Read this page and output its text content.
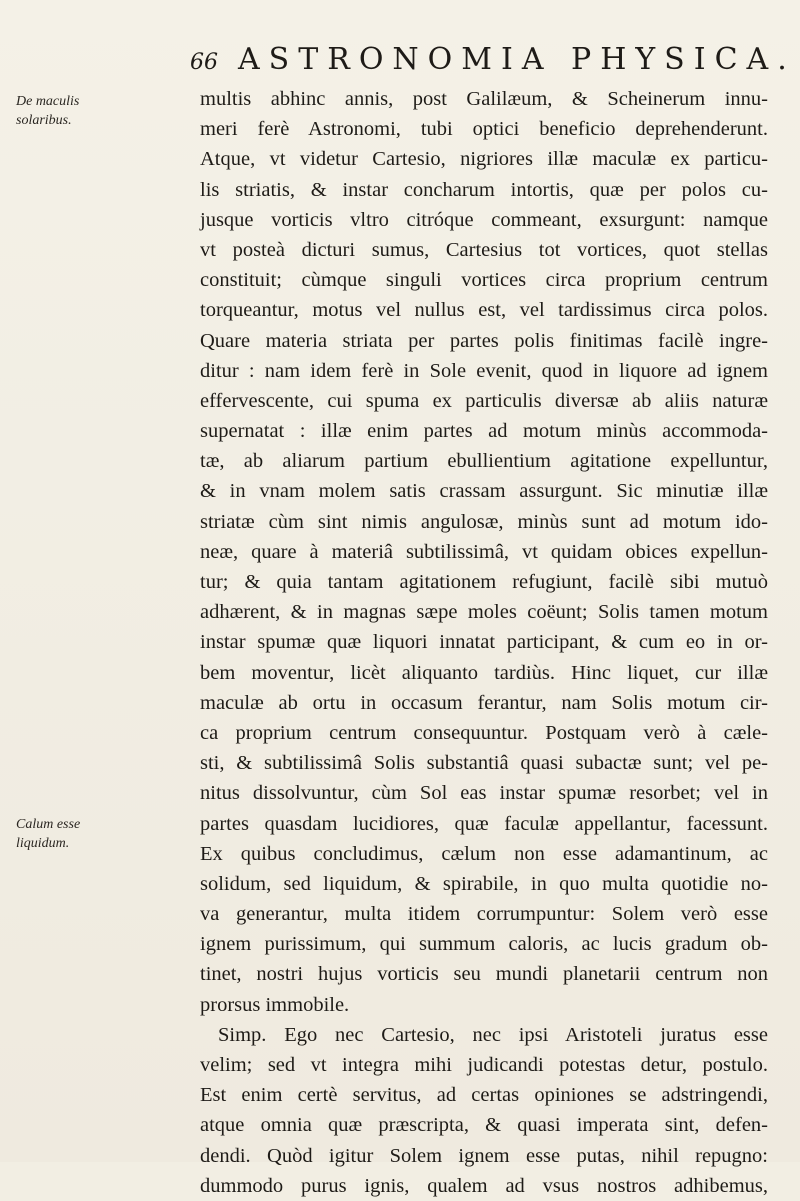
66 ASTRONOMIA PHYSICA.
De maculis
solaribus.
Calum esse
liquidum.
multis abhinc annis, post Galilæum, & Scheinerum innu-
meri ferè Astronomi, tubi optici beneficio deprehenderunt.
Atque, vt videtur Cartesio, nigriores illæ maculæ ex particu-
lis striatis, & instar concharum intortis, quæ per polos cu-
jusque vorticis vltro citróque commeant, exsurgunt: namque
vt posteà dicturi sumus, Cartesius tot vortices, quot stellas
constituit; cùmque singuli vortices circa proprium centrum
torqueantur, motus vel nullus est, vel tardissimus circa polos.
Quare materia striata per partes polis finitimas facilè ingre-
ditur : nam idem ferè in Sole evenit, quod in liquore ad ignem
effervescente, cui spuma ex particulis diversæ ab aliis naturæ
supernatat : illæ enim partes ad motum minùs accommoda-
tæ, ab aliarum partium ebullientium agitatione expelluntur,
& in vnam molem satis crassam assurgunt. Sic minutiæ illæ
striatæ cùm sint nimis angulosæ, minùs sunt ad motum ido-
neæ, quare à materiâ subtilissimâ, vt quidam obices expellun-
tur; & quia tantam agitationem refugiunt, facilè sibi mutuò
adhærent, & in magnas sæpe moles coëunt; Solis tamen motum
instar spumæ quæ liquori innatat participant, & cum eo in or-
bem moventur, licèt aliquanto tardiùs. Hinc liquet, cur illæ
maculæ ab ortu in occasum ferantur, nam Solis motum cir-
ca proprium centrum consequuntur. Postquam verò à cæle-
sti, & subtilissimâ Solis substantiâ quasi subactæ sunt; vel pe-
nitus dissolvuntur, cùm Sol eas instar spumæ resorbet; vel in
partes quasdam lucidiores, quæ faculæ appellantur, facessunt.
Ex quibus concludimus, cælum non esse adamantinum, ac
solidum, sed liquidum, & spirabile, in quo multa quotidie no-
va generantur, multa itidem corrumpuntur: Solem verò esse
ignem purissimum, qui summum caloris, ac lucis gradum ob-
tinet, nostri hujus vorticis seu mundi planetarii centrum non
prorsus immobile.
Simp. Ego nec Cartesio, nec ipsi Aristoteli juratus esse
velim; sed vt integra mihi judicandi potestas detur, postulo.
Est enim certè servitus, ad certas opiniones se adstringendi,
atque omnia quæ præscripta, & quasi imperata sint, defen-
dendi. Quòd igitur Solem ignem esse putas, nihil repugno:
dummodo purus ignis, qualem ad vsus nostros adhibemus,
